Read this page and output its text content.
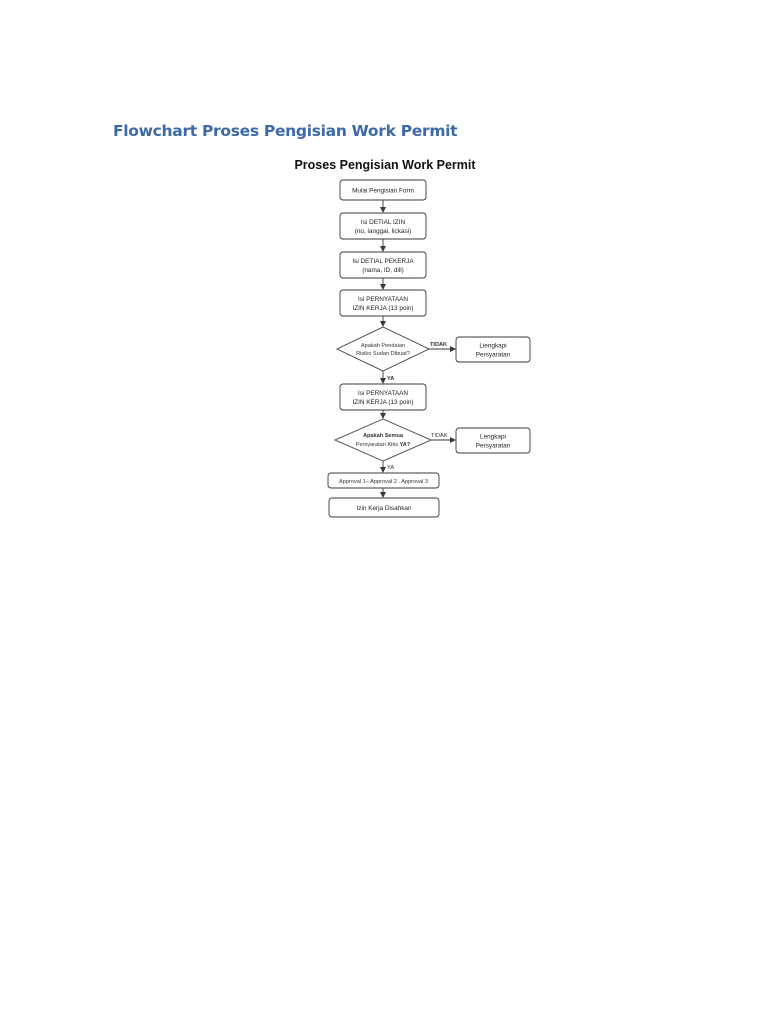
Flowchart Proses Pengisian Work Permit
Proses Pengisian Work Permit
Mulai Pengisian Form
Isi DETIAL IZIN
(no, langgai, lickasi)
Isi DETIAL PEKERJA
(nama, ID, dill)
Isi PERNYATAAN
IZIN KERJA (13 poin)
Apakah Pendaian
Risiko Sudan Dibuat?
TIDAK
YA
Liengkapi
Persyaratan
Isi PERNYATAAN
IZIN KERJA (13 poin)
Apakah Semua
Persyaratan Kitis YA?
TIDAK
YA
Lengkapi
Persyaratan
Approval 1– Approval 2 . Approval 3
Izin Kerja Disahkan
